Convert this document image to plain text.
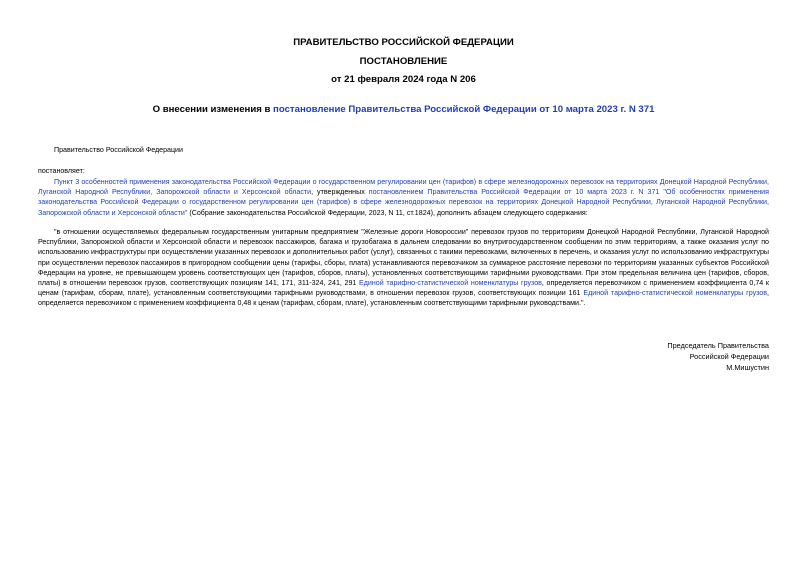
ПРАВИТЕЛЬСТВО РОССИЙСКОЙ ФЕДЕРАЦИИ
ПОСТАНОВЛЕНИЕ
от 21 февраля 2024 года N 206
О внесении изменения в постановление Правительства Российской Федерации от 10 марта 2023 г. N 371
Правительство Российской Федерации
постановляет:
Пункт 3 особенностей применения законодательства Российской Федерации о государственном регулировании цен (тарифов) в сфере железнодорожных перевозок на территориях Донецкой Народной Республики, Луганской Народной Республики, Запорожской области и Херсонской области, утвержденных постановлением Правительства Российской Федерации от 10 марта 2023 г. N 371 "Об особенностях применения законодательства Российской Федерации о государственном регулировании цен (тарифов) в сфере железнодорожных перевозок на территориях Донецкой Народной Республики, Луганской Народной Республики, Запорожской области и Херсонской области" (Собрание законодательства Российской Федерации, 2023, N 11, ст.1824), дополнить абзацем следующего содержания:
"в отношении осуществляемых федеральным государственным унитарным предприятием "Железные дороги Новороссии" перевозок грузов по территориям Донецкой Народной Республики, Луганской Народной Республики, Запорожской области и Херсонской области и перевозок пассажиров, багажа и грузобагажа в дальнем следовании во внутригосударственном сообщении по этим территориям, а также оказания услуг по использованию инфраструктуры при осуществлении указанных перевозок и дополнительных работ (услуг), связанных с такими перевозками, включенных в перечень, и оказания услуг по использованию инфраструктуры при осуществлении перевозок пассажиров в пригородном сообщении цены (тарифы, сборы, плата) устанавливаются перевозчиком за суммарное расстояние перевозки по территориям указанных субъектов Российской Федерации на уровне, не превышающем уровень соответствующих цен (тарифов, сборов, платы), установленных соответствующими тарифными руководствами. При этом предельная величина цен (тарифов, сборов, платы) в отношении перевозок грузов, соответствующих позициям 141, 171, 311-324, 241, 291 Единой тарифно-статистической номенклатуры грузов, определяется перевозчиком с применением коэффициента 0,74 к ценам (тарифам, сборам, плате), установленным соответствующими тарифными руководствами, в отношении перевозок грузов, соответствующих позиции 161 Единой тарифно-статистической номенклатуры грузов, определяется перевозчиком с применением коэффициента 0,48 к ценам (тарифам, сборам, плате), установленным соответствующими тарифными руководствами.".
Председатель Правительства
Российской Федерации
М.Мишустин
